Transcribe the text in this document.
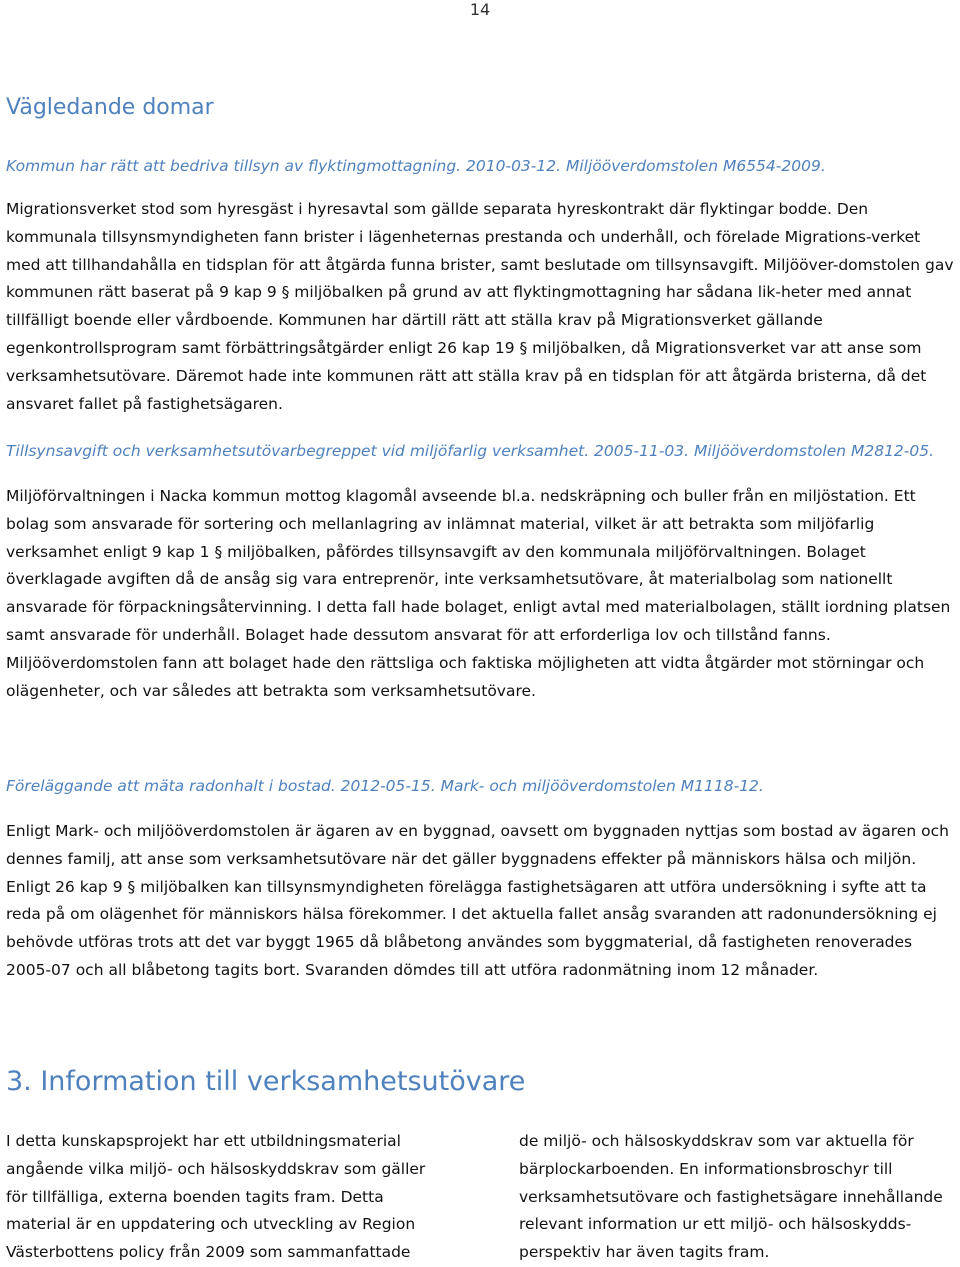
14
Vägledande domar

Kommun har rätt att bedriva tillsyn av flyktingmottagning. 2010-03-12. Miljööverdomstolen M6554-2009.

Migrationsverket stod som hyresgäst i hyresavtal som gällde separata hyreskontrakt där flyktingar bodde. Den kommunala tillsynsmyndigheten fann brister i lägenheternas prestanda och underhåll, och förelade Migrations-verket med att tillhandahålla en tidsplan för att åtgärda funna brister, samt beslutade om tillsynsavgift. Miljööver-domstolen gav kommunen rätt baserat på 9 kap 9 § miljöbalken på grund av att flyktingmottagning har sådana lik-heter med annat tillfälligt boende eller vårdboende. Kommunen har därtill rätt att ställa krav på Migrationsverket gällande egenkontrollsprogram samt förbättringsåtgärder enligt 26 kap 19 § miljöbalken, då Migrationsverket var att anse som verksamhetsutövare. Däremot hade inte kommunen rätt att ställa krav på en tidsplan för att åtgärda bristerna, då det ansvaret fallet på fastighetsägaren.

Tillsynsavgift och verksamhetsutövarbegreppet vid miljöfarlig verksamhet. 2005-11-03. Miljööverdomstolen M2812-05.

Miljöförvaltningen i Nacka kommun mottog klagomål avseende bl.a. nedskräpning och buller från en miljöstation. Ett bolag som ansvarade för sortering och mellanlagring av inlämnat material, vilket är att betrakta som miljöfarlig verksamhet enligt 9 kap 1 § miljöbalken, påfördes tillsynsavgift av den kommunala miljöförvaltningen. Bolaget överklagade avgiften då de ansåg sig vara entreprenör, inte verksamhetsutövare, åt materialbolag som nationellt ansvarade för förpackningsåtervinning. I detta fall hade bolaget, enligt avtal med materialbolagen, ställt iordning platsen samt ansvarade för underhåll. Bolaget hade dessutom ansvarat för att erforderliga lov och tillstånd fanns. Miljööverdomstolen fann att bolaget hade den rättsliga och faktiska möjligheten att vidta åtgärder mot störningar och olägenheter, och var således att betrakta som verksamhetsutövare.

Föreläggande att mäta radonhalt i bostad. 2012-05-15. Mark- och miljööverdomstolen M1118-12.

Enligt Mark- och miljööverdomstolen är ägaren av en byggnad, oavsett om byggnaden nyttjas som bostad av ägaren och dennes familj, att anse som verksamhetsutövare när det gäller byggnadens effekter på människors hälsa och miljön. Enligt 26 kap 9 § miljöbalken kan tillsynsmyndigheten förelägga fastighetsägaren att utföra undersökning i syfte att ta reda på om olägenhet för människors hälsa förekommer. I det aktuella fallet ansåg svaranden att radonundersökning ej behövde utföras trots att det var byggt 1965 då blåbetong användes som byggmaterial, då fastigheten renoverades 2005-07 och all blåbetong tagits bort. Svaranden dömdes till att utföra radonmätning inom 12 månader.

3. Information till verksamhetsutövare

I detta kunskapsprojekt har ett utbildningsmaterial angående vilka miljö- och hälsoskyddskrav som gäller för tillfälliga, externa boenden tagits fram. Detta material är en uppdatering och utveckling av Region Västerbottens policy från 2009 som sammanfattade

de miljö- och hälsoskyddskrav som var aktuella för bärplockarboenden. En informationsbroschyr till verksamhetsutövare och fastighetsägare innehållande relevant information ur ett miljö- och hälsoskydds-perspektiv har även tagits fram.
